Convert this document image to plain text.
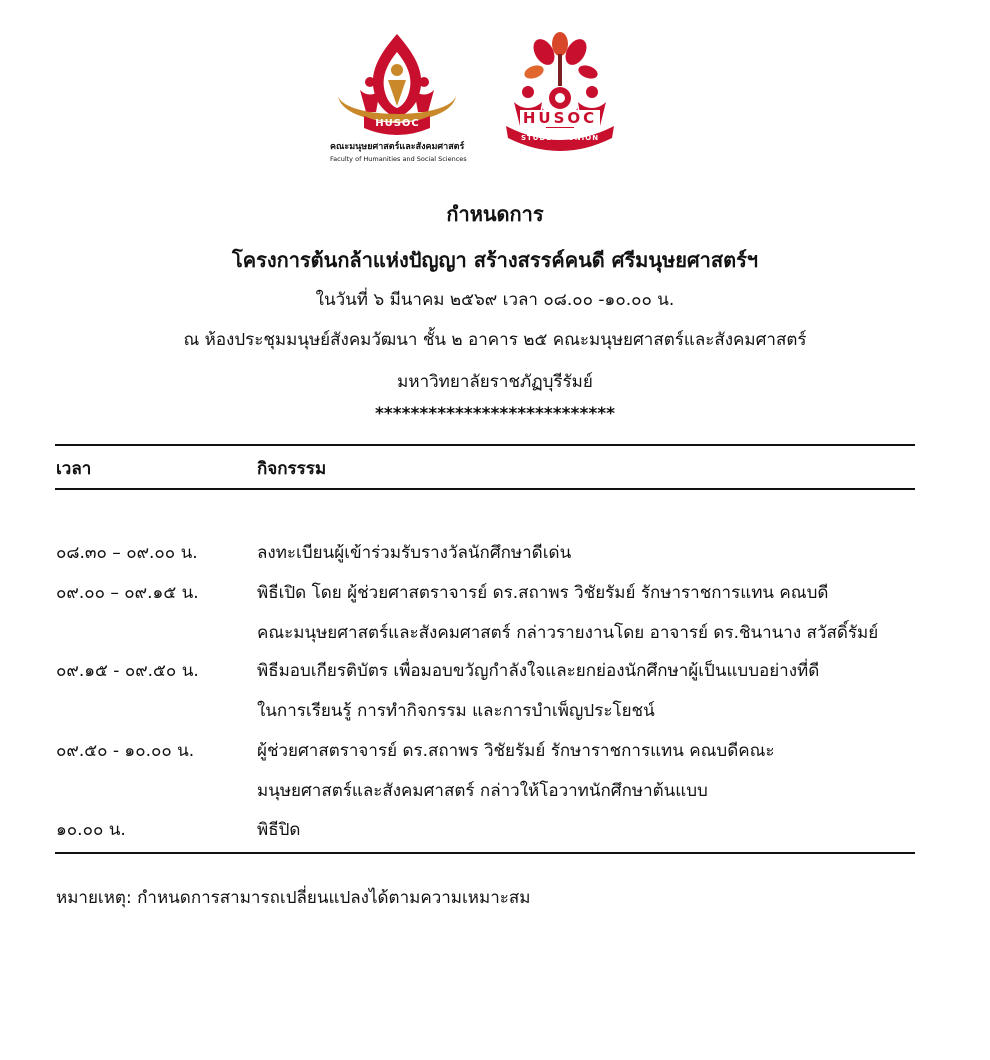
HUSOC
คณะมนุษยศาสตร์และสังคมศาสตร์
Faculty of Humanities and Social Sciences
HUSOC
STUDENT UNION
กำหนดการ
โครงการต้นกล้าแห่งปัญญา สร้างสรรค์คนดี ศรีมนุษยศาสตร์ฯ
ในวันที่ ๖ มีนาคม ๒๕๖๙ เวลา ๐๘.๐๐ -๑๐.๐๐ น.
ณ ห้องประชุมมนุษย์สังคมวัฒนา ชั้น ๒ อาคาร ๒๕ คณะมนุษยศาสตร์และสังคมศาสตร์
มหาวิทยาลัยราชภัฏบุรีรัมย์
***************************
เวลา	กิจกรรรม
๐๘.๓๐ – ๐๙.๐๐ น.	ลงทะเบียนผู้เข้าร่วมรับรางวัลนักศึกษาดีเด่น
๐๙.๐๐ – ๐๙.๑๕ น.	พิธีเปิด โดย ผู้ช่วยศาสตราจารย์ ดร.สถาพร วิชัยรัมย์ รักษาราชการแทน คณบดี
คณะมนุษยศาสตร์และสังคมศาสตร์ กล่าวรายงานโดย อาจารย์ ดร.ชินานาง สวัสดิ์รัมย์
๐๙.๑๕ - ๐๙.๕๐ น.	พิธีมอบเกียรติบัตร เพื่อมอบขวัญกำลังใจและยกย่องนักศึกษาผู้เป็นแบบอย่างที่ดี
ในการเรียนรู้ การทำกิจกรรม และการบำเพ็ญประโยชน์
๐๙.๕๐ - ๑๐.๐๐ น.	ผู้ช่วยศาสตราจารย์ ดร.สถาพร วิชัยรัมย์ รักษาราชการแทน คณบดีคณะ
มนุษยศาสตร์และสังคมศาสตร์ กล่าวให้โอวาทนักศึกษาต้นแบบ
๑๐.๐๐ น.	พิธีปิด
หมายเหตุ: กำหนดการสามารถเปลี่ยนแปลงได้ตามความเหมาะสม
